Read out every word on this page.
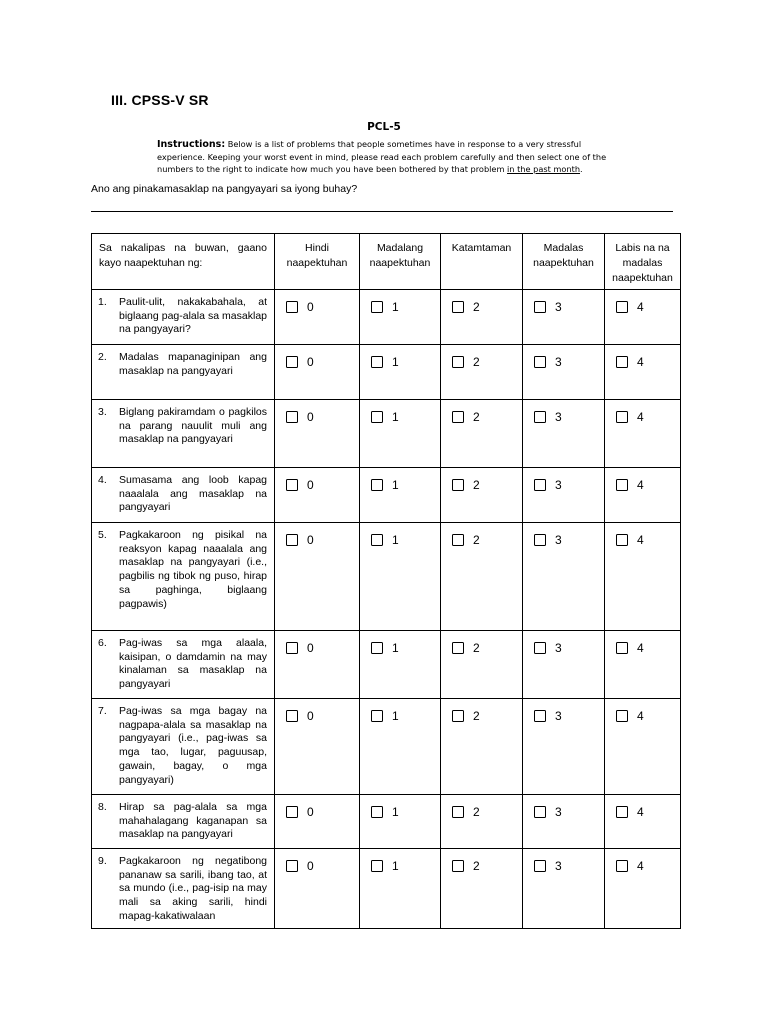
III. CPSS-V SR
PCL-5
Instructions: Below is a list of problems that people sometimes have in response to a very stressful experience. Keeping your worst event in mind, please read each problem carefully and then select one of the numbers to the right to indicate how much you have been bothered by that problem in the past month.
Ano ang pinakamasaklap na pangyayari sa iyong buhay?
Sa nakalipas na buwan, gaano kayo naapektuhan ng:	Hindi naapektuhan	Madalang naapektuhan	Katamtaman	Madalas naapektuhan	Labis na na madalas naapektuhan

1. Paulit-ulit, nakakabahala, at biglaang pag-alala sa masaklap na pangyayari?	0	1	2	3	4

2. Madalas mapanaginipan ang masaklap na pangyayari	0	1	2	3	4

3. Biglang pakiramdam o pagkilos na parang nauulit muli ang masaklap na pangyayari	0	1	2	3	4

4. Sumasama ang loob kapag naaalala ang masaklap na pangyayari	0	1	2	3	4

5. Pagkakaroon ng pisikal na reaksyon kapag naaalala ang masaklap na pangyayari (i.e., pagbilis ng tibok ng puso, hirap sa paghinga, biglaang pagpawis)	0	1	2	3	4

6. Pag-iwas sa mga alaala, kaisipan, o damdamin na may kinalaman sa masaklap na pangyayari	0	1	2	3	4

7. Pag-iwas sa mga bagay na nagpapa-alala sa masaklap na pangyayari (i.e., pag-iwas sa mga tao, lugar, paguusap, gawain, bagay, o mga pangyayari)	0	1	2	3	4

8. Hirap sa pag-alala sa mga mahahalagang kaganapan sa masaklap na pangyayari	0	1	2	3	4

9. Pagkakaroon ng negatibong pananaw sa sarili, ibang tao, at sa mundo (i.e., pag-isip na may mali sa aking sarili, hindi mapag-kakatiwalaan	0	1	2	3	4
